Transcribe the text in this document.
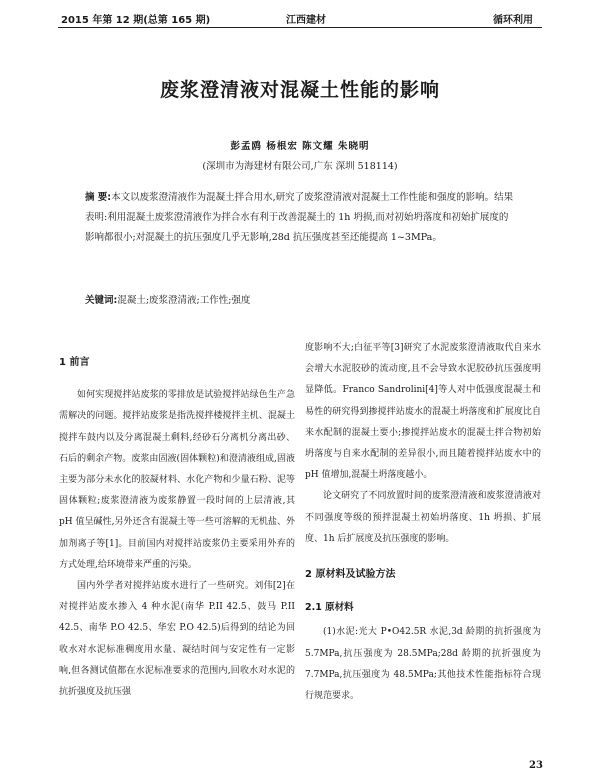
2015 年第 12 期(总第 165 期)	江西建材	循环利用
废浆澄清液对混凝土性能的影响
彭孟鸥 杨根宏 陈文耀 朱晓明
(深圳市为海建材有限公司,广东 深圳 518114)
摘 要:本文以废浆澄清液作为混凝土拌合用水,研究了废浆澄清液对混凝土工作性能和强度的影响。结果表明:利用混凝土废浆澄清液作为拌合水有利于改善混凝土的 1h 坍损,而对初始坍落度和初始扩展度的影响都很小;对混凝土的抗压强度几乎无影响,28d 抗压强度甚至还能提高 1~3MPa。
关键词:混凝土;废浆澄清液;工作性;强度
1 前言

如何实现搅拌站废浆的零排放是试验搅拌站绿色生产急需解决的问题。搅拌站废浆是指洗搅拌楼搅拌主机、混凝土搅拌车鼓内以及分离混凝土剩料,经砂石分离机分离出砂、石后的剩余产物。废浆由固液(固体颗粒)和澄清液组成,固液主要为部分未水化的胶凝材料、水化产物和少量石粉、泥等固体颗粒;废浆澄清液为废浆静置一段时间的上层清液,其 pH 值呈碱性,另外还含有混凝土等一些可溶解的无机盐、外加剂离子等[1]。目前国内对搅拌站废浆仍主要采用外弃的方式处理,给环境带来严重的污染。

国内外学者对搅拌站废水进行了一些研究。刘伟[2]在对搅拌站废水掺入 4 种水泥(南华 P.II 42.5、鼓马 P.II 42.5、南华 P.O 42.5、华宏 P.O 42.5)后得到的结论为回收水对水泥标准稠度用水量、凝结时间与安定性有一定影响,但各测试值都在水泥标准要求的范围内,回收水对水泥的抗折强度及抗压强

度影响不大;白征平等[3]研究了水泥废浆澄清液取代自来水会增大水泥胶砂的流动度,且不会导致水泥胶砂抗压强度明显降低。Franco Sandrolini[4]等人对中低强度混凝土和易性的研究得到掺搅拌站废水的混凝土坍落度和扩展度比自来水配制的混凝土要小;掺搅拌站废水的混凝土拌合物初始坍落度与自来水配制的差异很小,而且随着搅拌站废水中的 pH 值增加,混凝土坍落度越小。

论文研究了不同放置时间的废浆澄清液和废浆澄清液对不同强度等级的预拌混凝土初始坍落度、1h 坍损、扩展度、1h 后扩展度及抗压强度的影响。

2 原材料及试验方法
2.1 原材料

(1)水泥:光大 P•O42.5R 水泥,3d 龄期的抗折强度为 5.7MPa,抗压强度为 28.5MPa;28d 龄期的抗折强度为 7.7MPa,抗压强度为 48.5MPa;其他技术性能指标符合现行规范要求。

23
